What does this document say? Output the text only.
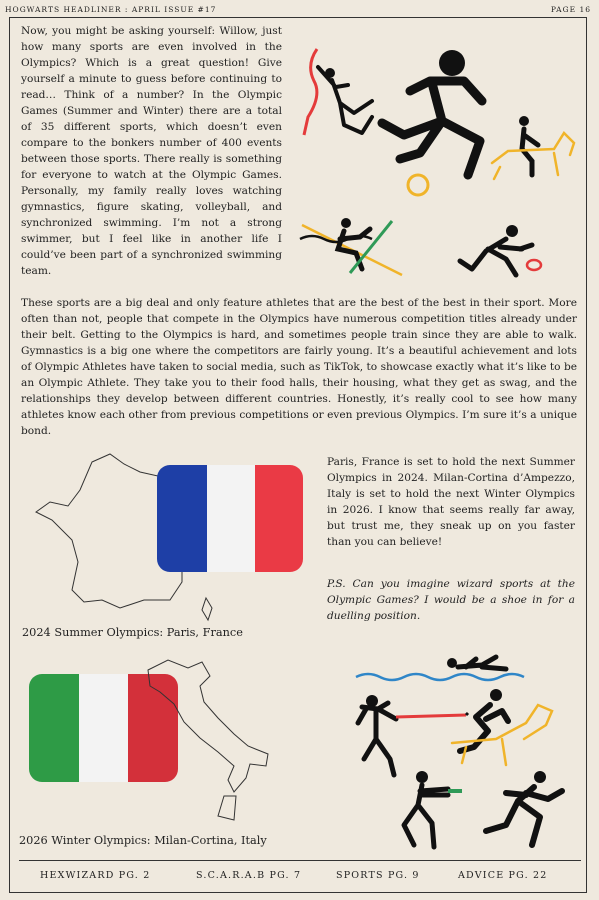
HOGWARTS HEADLINER : APRIL ISSUE #17	PAGE 16

Now, you might be asking yourself: Willow, just how many sports are even involved in the Olympics? Which is a great question! Give yourself a minute to guess before continuing to read… Think of a number? In the Olympic Games (Summer and Winter) there are a total of 35 different sports, which doesn’t even compare to the bonkers number of 400 events between those sports. There really is something for everyone to watch at the Olympic Games. Personally, my family really loves watching gymnastics, figure skating, volleyball, and synchronized swimming. I’m not a strong swimmer, but I feel like in another life I could’ve been part of a synchronized swimming team.

These sports are a big deal and only feature athletes that are the best of the best in their sport. More often than not, people that compete in the Olympics have numerous competition titles already under their belt. Getting to the Olympics is hard, and sometimes people train since they are able to walk. Gymnastics is a big one where the competitors are fairly young. It’s a beautiful achievement and lots of Olympic Athletes have taken to social media, such as TikTok, to showcase exactly what it’s like to be an Olympic Athlete. They take you to their food halls, their housing, what they get as swag, and the relationships they develop between different countries. Honestly, it’s really cool to see how many athletes know each other from previous competitions or even previous Olympics. I’m sure it’s a unique bond.

Paris, France is set to hold the next Summer Olympics in 2024. Milan-Cortina d’Ampezzo, Italy is set to hold the next Winter Olympics in 2026. I know that seems really far away, but trust me, they sneak up on you faster than you can believe!

P.S. Can you imagine wizard sports at the Olympic Games? I would be a shoe in for a duelling position.

2024 Summer Olympics: Paris, France
2026 Winter Olympics: Milan-Cortina, Italy
HEXWIZARD PG. 2	S.C.A.R.A.B PG. 7	SPORTS PG. 9	ADVICE PG. 22
